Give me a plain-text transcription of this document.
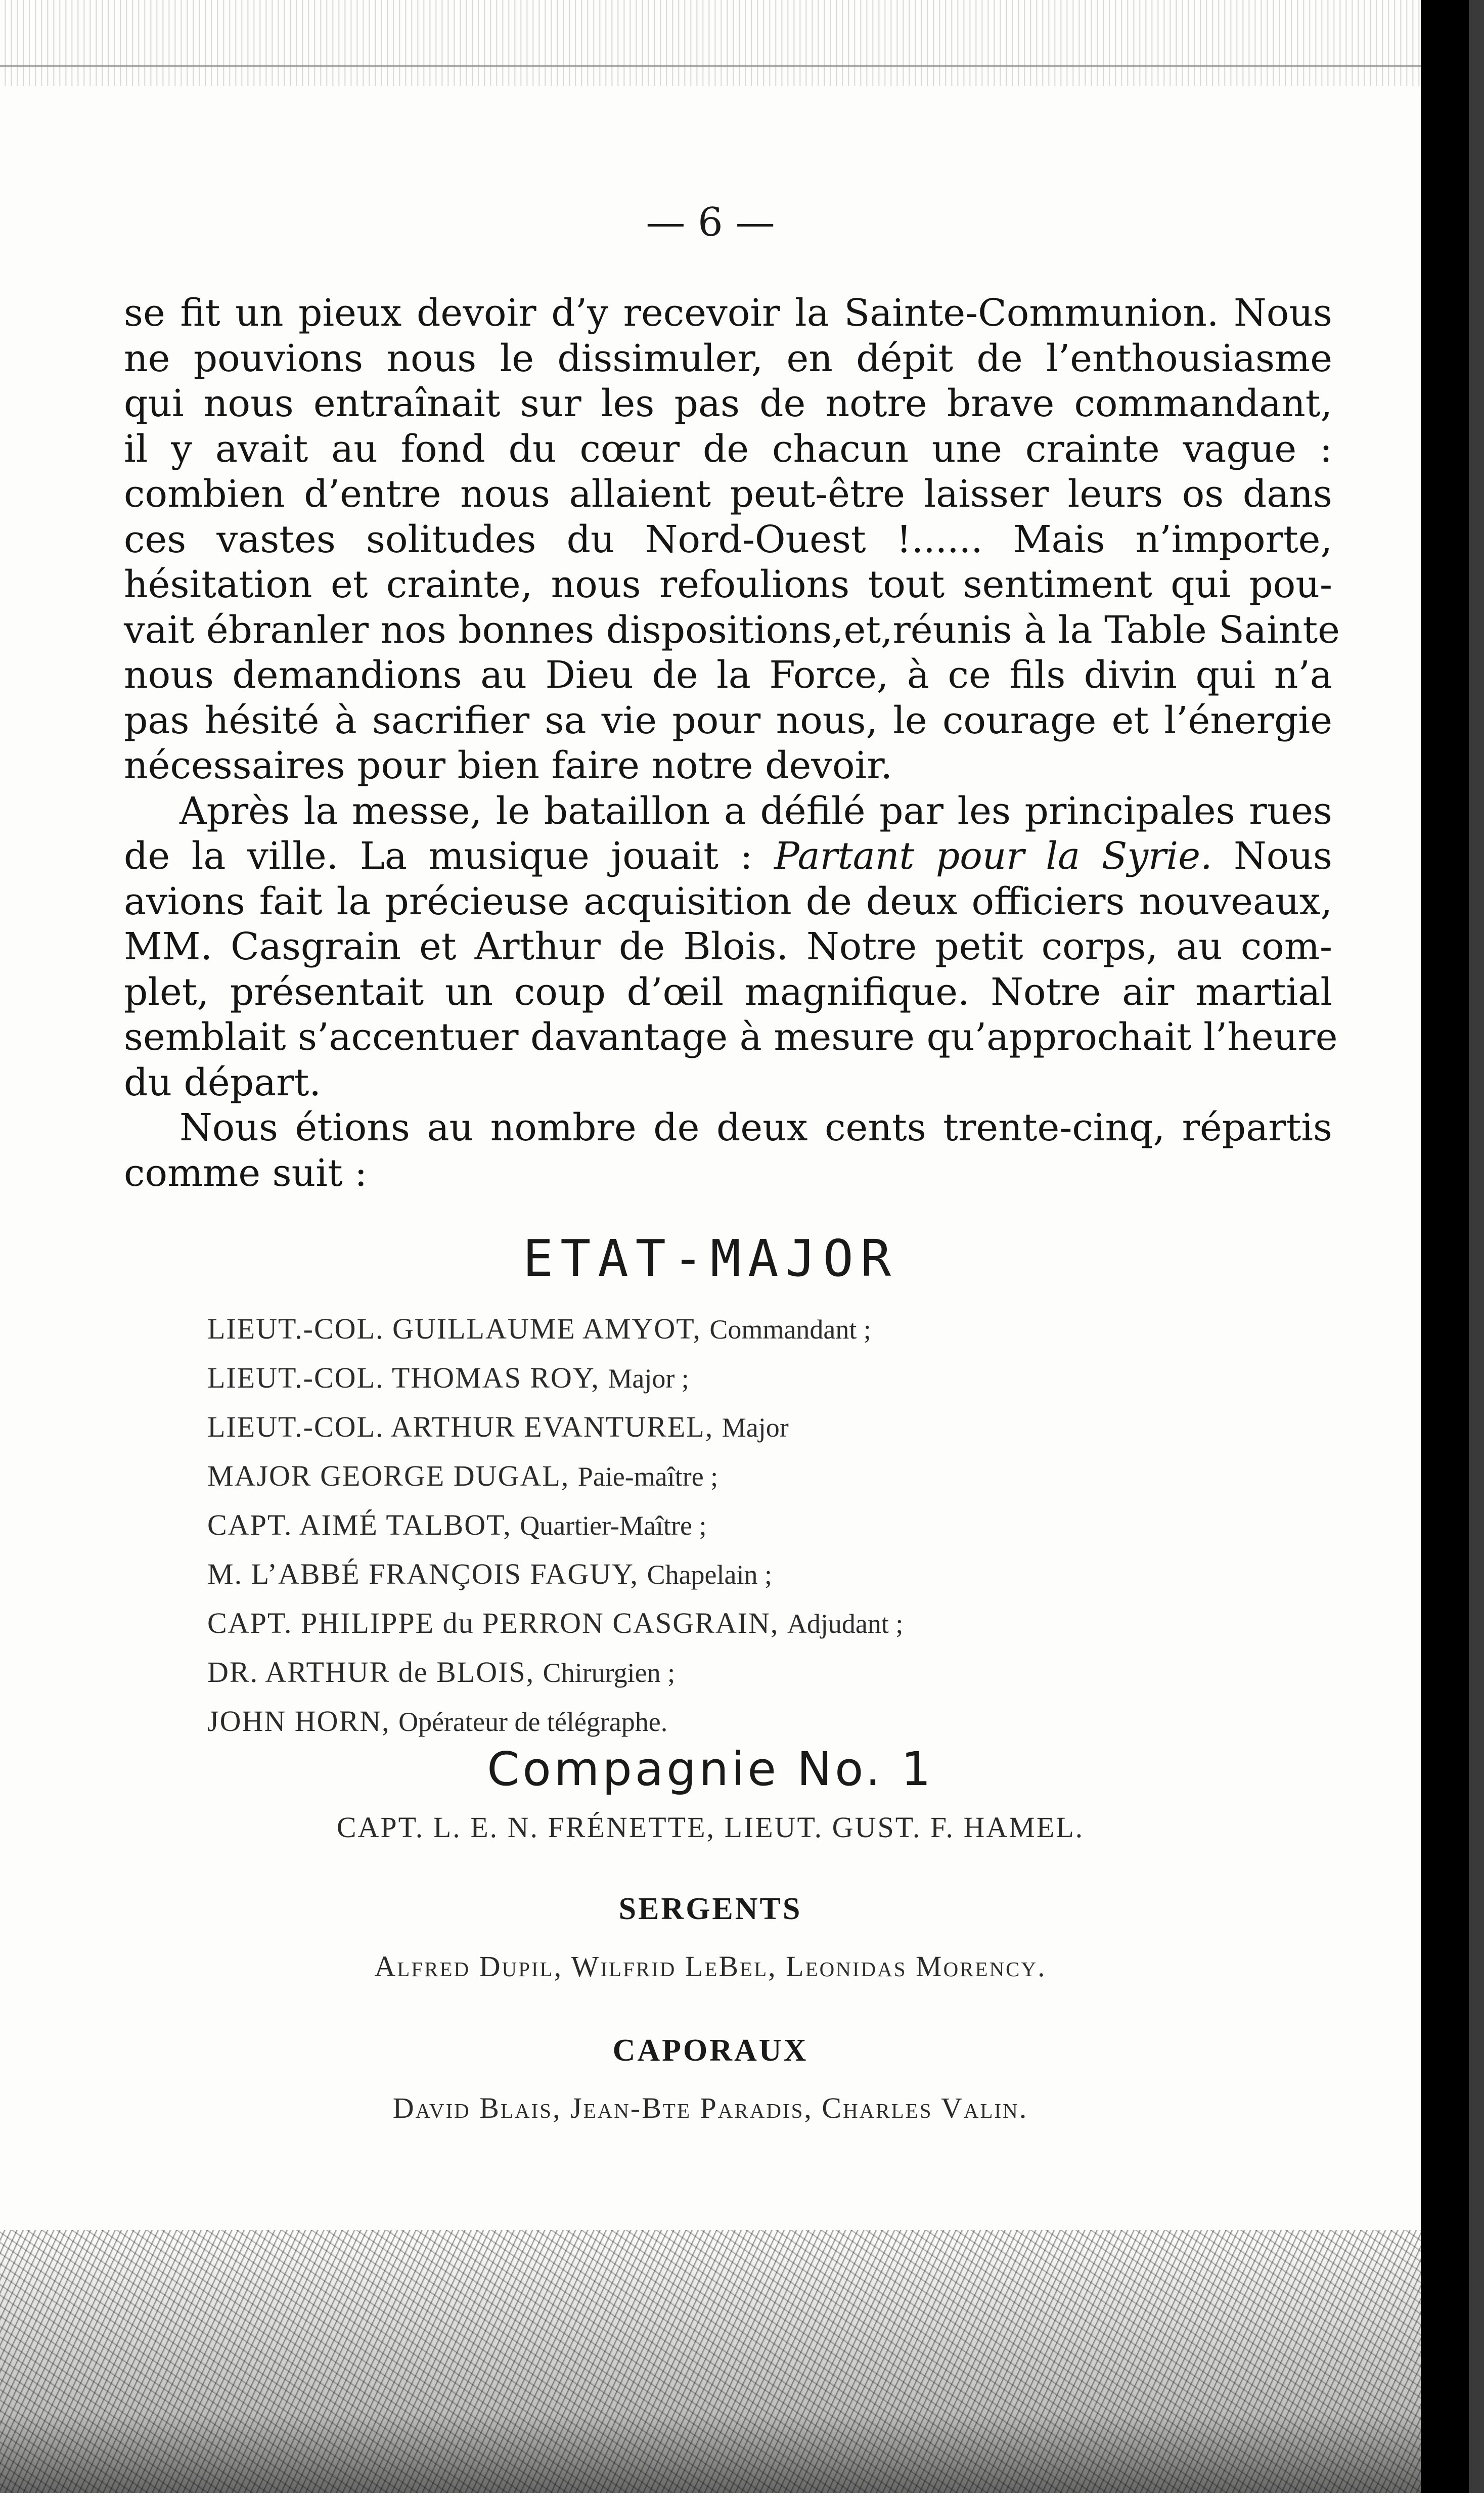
— 6 —

se fit un pieux devoir d’y recevoir la Sainte-Communion. Nous
ne pouvions nous le dissimuler, en dépit de l’enthousiasme
qui nous entraînait sur les pas de notre brave commandant,
il y avait au fond du cœur de chacun une crainte vague :
combien d’entre nous allaient peut-être laisser leurs os dans
ces vastes solitudes du Nord-Ouest !...... Mais n’importe,
hésitation et crainte, nous refoulions tout sentiment qui pou-
vait ébranler nos bonnes dispositions,et,réunis à la Table Sainte
nous demandions au Dieu de la Force, à ce fils divin qui n’a
pas hésité à sacrifier sa vie pour nous, le courage et l’énergie
nécessaires pour bien faire notre devoir.

Après la messe, le bataillon a défilé par les principales rues
de la ville. La musique jouait : Partant pour la Syrie. Nous
avions fait la précieuse acquisition de deux officiers nouveaux,
MM. Casgrain et Arthur de Blois. Notre petit corps, au com-
plet, présentait un coup d’œil magnifique. Notre air martial
semblait s’accentuer davantage à mesure qu’approchait l’heure
du départ.

Nous étions au nombre de deux cents trente-cinq, répartis
comme suit :

ETAT-MAJOR
LIEUT.-COL. GUILLAUME AMYOT, Commandant ;
LIEUT.-COL. THOMAS ROY, Major ;
LIEUT.-COL. ARTHUR EVANTUREL, Major
MAJOR GEORGE DUGAL, Paie-maître ;
CAPT. AIMÉ TALBOT, Quartier-Maître ;
M. L’ABBÉ FRANÇOIS FAGUY, Chapelain ;
CAPT. PHILIPPE du PERRON CASGRAIN, Adjudant ;
DR. ARTHUR de BLOIS, Chirurgien ;
JOHN HORN, Opérateur de télégraphe.
Compagnie No. 1
CAPT. L. E. N. FRÉNETTE, LIEUT. GUST. F. HAMEL.
SERGENTS
Alfred Dupil, Wilfrid LeBel, Leonidas Morency.
CAPORAUX
David Blais, Jean-Bte Paradis, Charles Valin.
